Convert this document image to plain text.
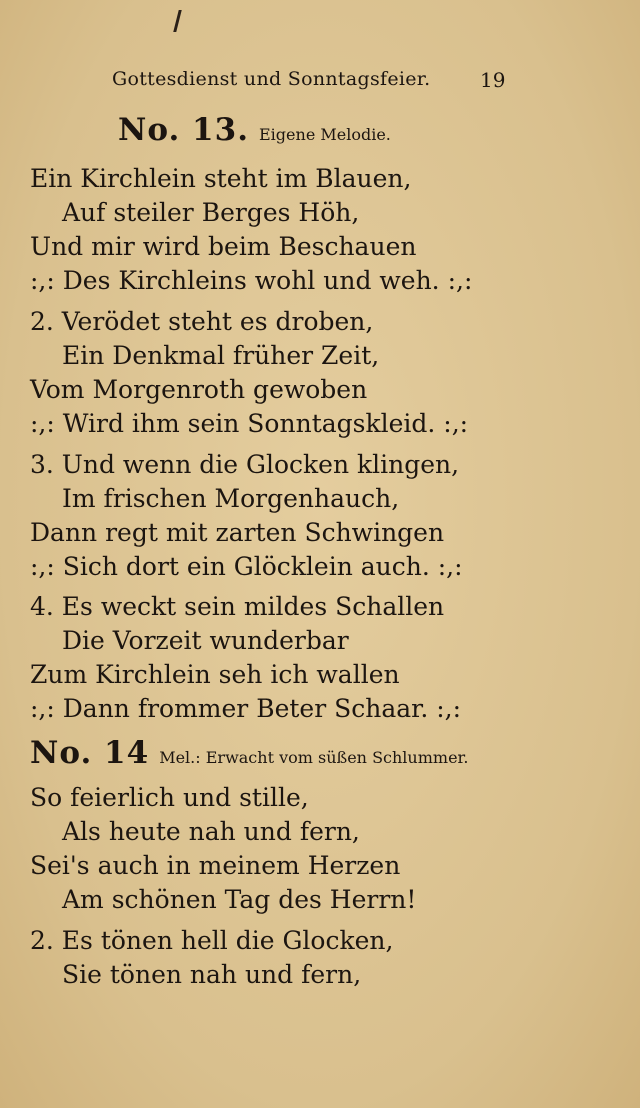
Gottesdienst und Sonntagsfeier. 19
No. 13. Eigene Melodie.
Ein Kirchlein steht im Blauen,
Auf steiler Berges Höh,
Und mir wird beim Beschauen
:,: Des Kirchleins wohl und weh. :,:
2. Verödet steht es droben,
Ein Denkmal früher Zeit,
Vom Morgenroth gewoben
:,: Wird ihm sein Sonntagskleid. :,:
3. Und wenn die Glocken klingen,
Im frischen Morgenhauch,
Dann regt mit zarten Schwingen
:,: Sich dort ein Glöcklein auch. :,:
4. Es weckt sein mildes Schallen
Die Vorzeit wunderbar
Zum Kirchlein seh ich wallen
:,: Dann frommer Beter Schaar. :,:
No. 14 Mel.: Erwacht vom süßen Schlummer.
So feierlich und stille,
Als heute nah und fern,
Sei's auch in meinem Herzen
Am schönen Tag des Herrn!
2. Es tönen hell die Glocken,
Sie tönen nah und fern,
